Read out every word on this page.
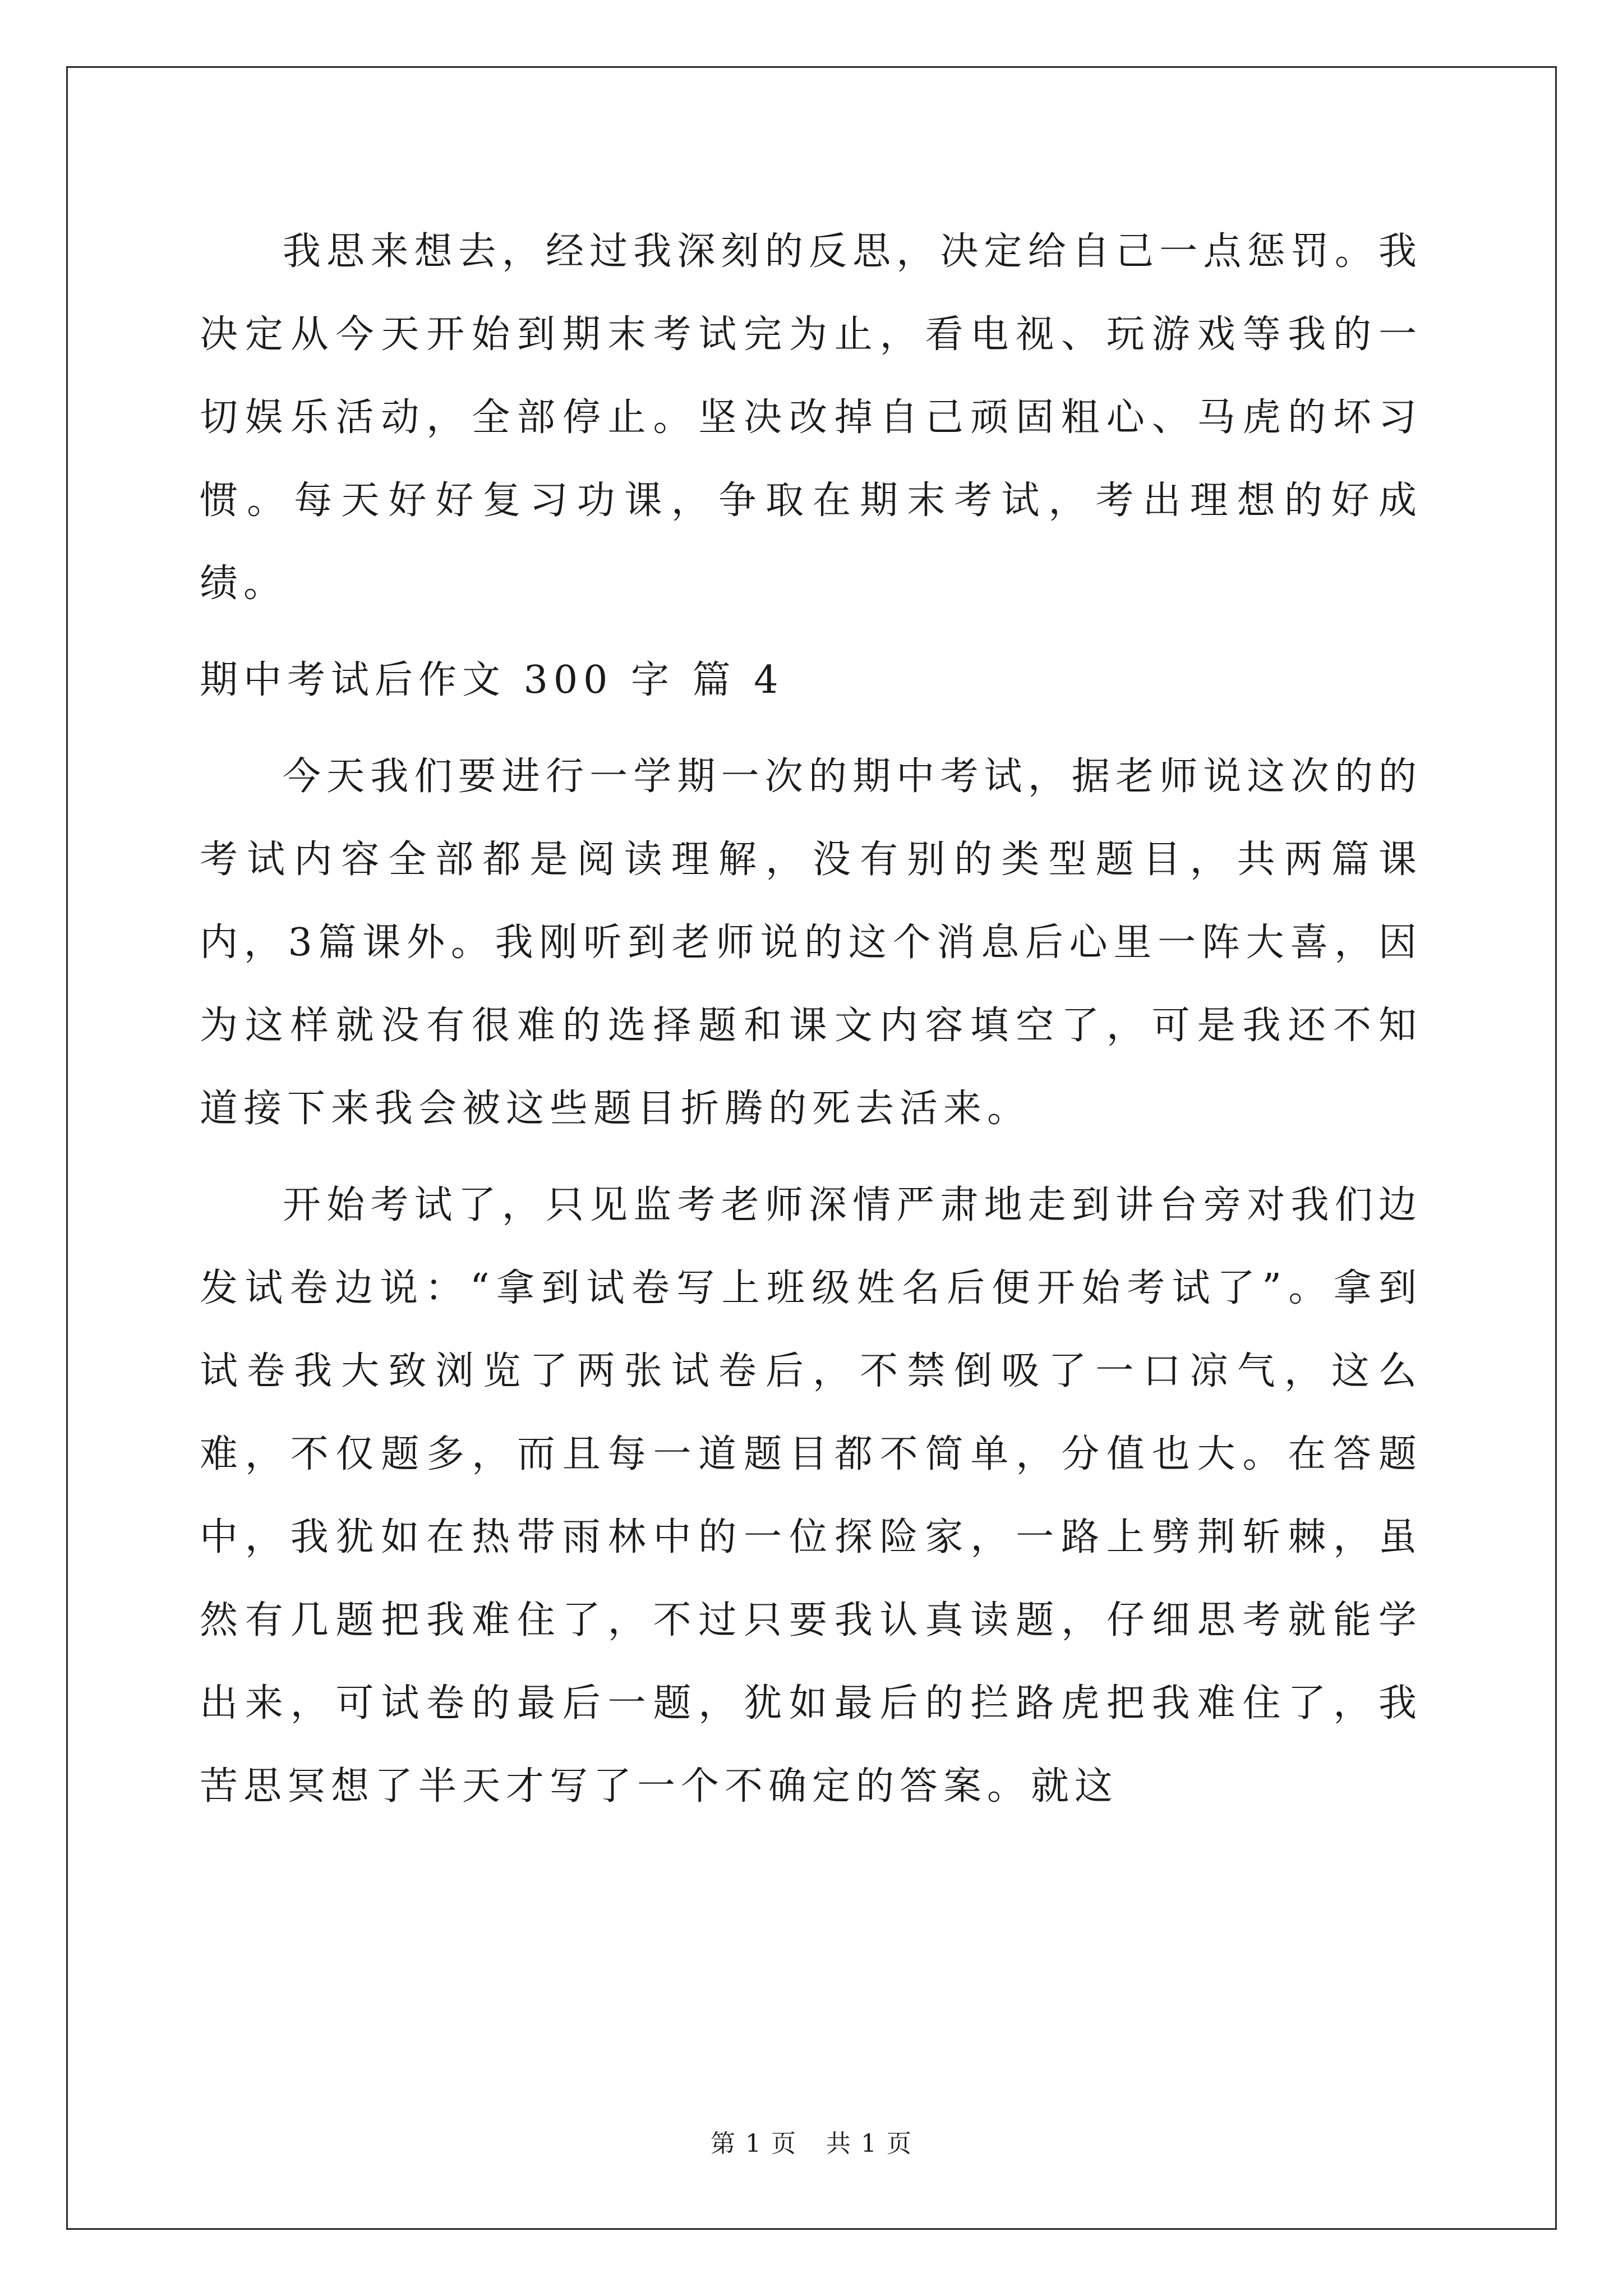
我思来想去，经过我深刻的反思，决定给自己一点惩罚。我决定从今天开始到期末考试完为止，看电视、玩游戏等我的一切娱乐活动，全部停止。坚决改掉自己顽固粗心、马虎的坏习惯。每天好好复习功课，争取在期末考试，考出理想的好成绩。

期中考试后作文 300 字 篇 4

今天我们要进行一学期一次的期中考试，据老师说这次的的考试内容全部都是阅读理解，没有别的类型题目，共两篇课内，3篇课外。我刚听到老师说的这个消息后心里一阵大喜，因为这样就没有很难的选择题和课文内容填空了，可是我还不知道接下来我会被这些题目折腾的死去活来。

开始考试了，只见监考老师深情严肃地走到讲台旁对我们边发试卷边说：“拿到试卷写上班级姓名后便开始考试了”。拿到试卷我大致浏览了两张试卷后，不禁倒吸了一口凉气，这么难，不仅题多，而且每一道题目都不简单，分值也大。在答题中，我犹如在热带雨林中的一位探险家，一路上劈荆斩棘，虽然有几题把我难住了，不过只要我认真读题，仔细思考就能学出来，可试卷的最后一题，犹如最后的拦路虎把我难住了，我苦思冥想了半天才写了一个不确定的答案。就这

第 1 页 共 1 页
